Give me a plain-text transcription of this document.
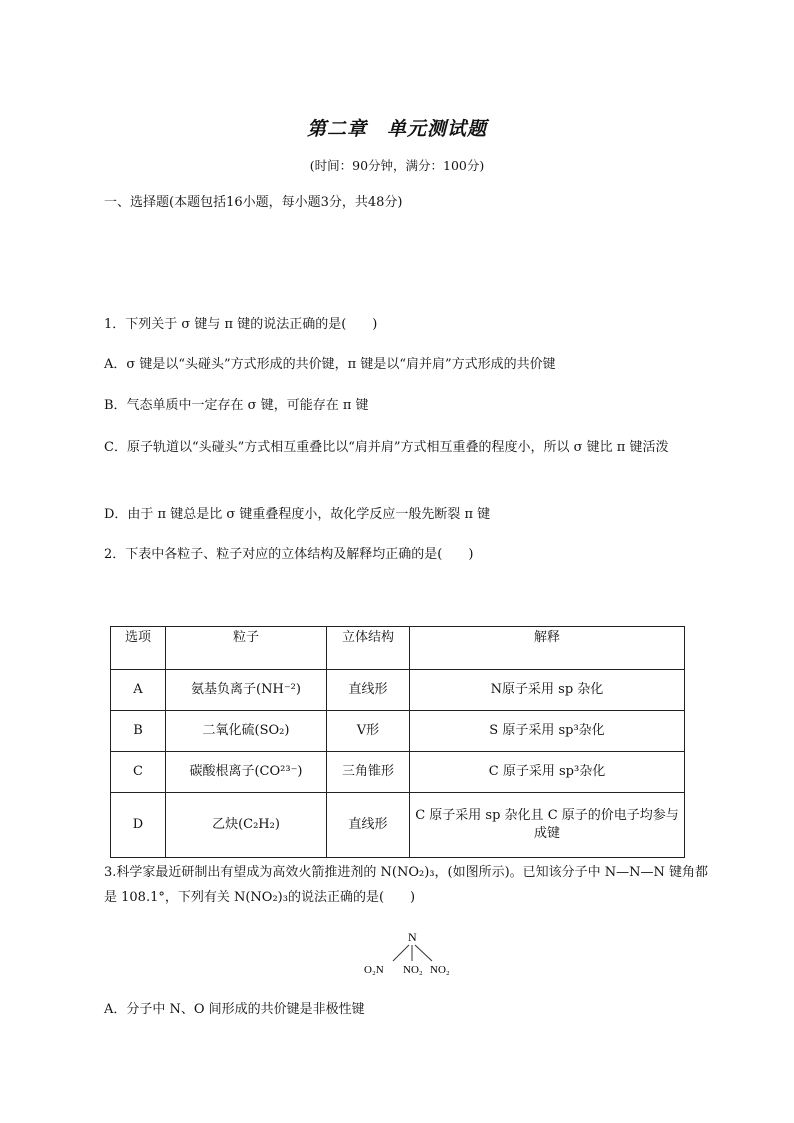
第二章　单元测试题
(时间：90分钟，满分：100分)
一、选择题(本题包括16小题，每小题3分，共48分)
1．下列关于 σ 键与 π 键的说法正确的是(　　)
A．σ 键是以“头碰头”方式形成的共价键，π 键是以“肩并肩”方式形成的共价键
B．气态单质中一定存在 σ 键，可能存在 π 键
C．原子轨道以“头碰头”方式相互重叠比以“肩并肩”方式相互重叠的程度小，所以 σ 键比 π 键活泼
D．由于 π 键总是比 σ 键重叠程度小，故化学反应一般先断裂 π 键
2．下表中各粒子、粒子对应的立体结构及解释均正确的是(　　)
选项	粒子	立体结构	解释
A	氨基负离子(NH⁻²)	直线形	N原子采用 sp 杂化
B	二氧化硫(SO₂)	V形	S 原子采用 sp³杂化
C	碳酸根离子(CO²³⁻)	三角锥形	C 原子采用 sp³杂化
D	乙炔(C₂H₂)	直线形	C 原子采用 sp 杂化且 C 原子的价电子均参与成键
3.科学家最近研制出有望成为高效火箭推进剂的 N(NO₂)₃，(如图所示)。已知该分子中 N—N—N 键角都是 108.1°，下列有关 N(NO₂)₃的说法正确的是(　　)
N
O₂N NO₂ NO₂
A．分子中 N、O 间形成的共价键是非极性键
